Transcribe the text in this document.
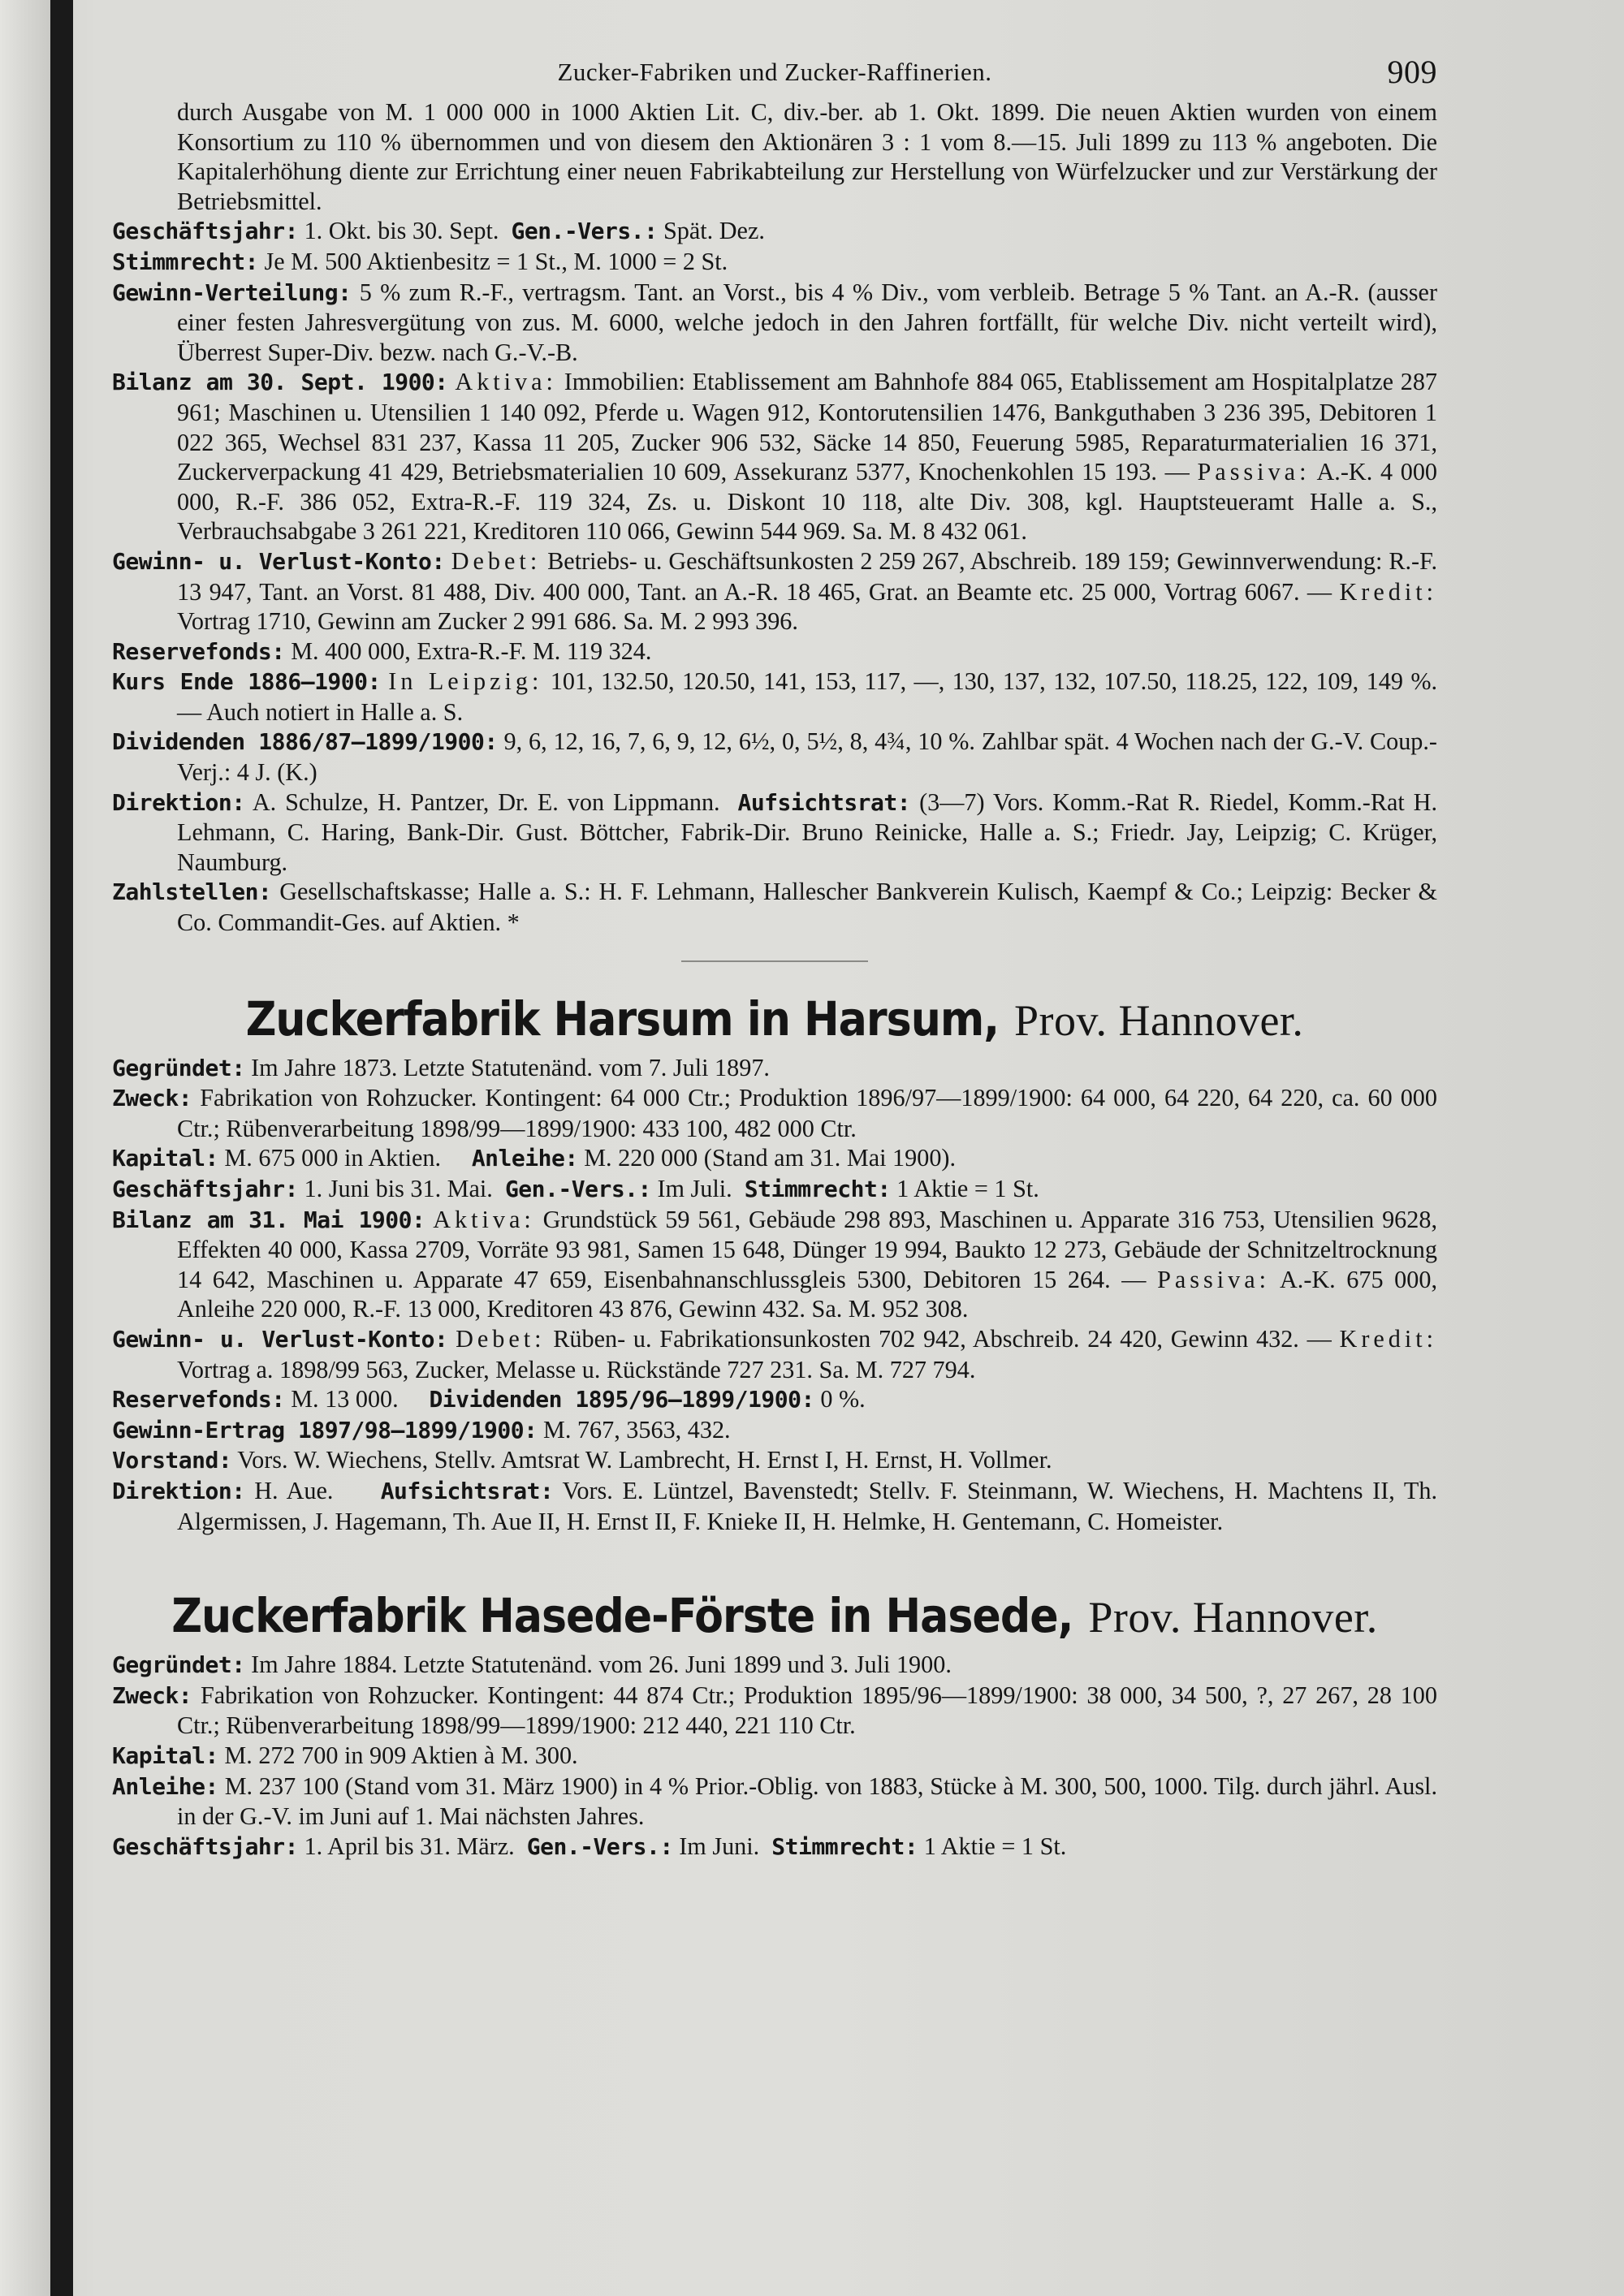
Zucker-Fabriken und Zucker-Raffinerien.	909

durch Ausgabe von M. 1 000 000 in 1000 Aktien Lit. C, div.-ber. ab 1. Okt. 1899. Die neuen Aktien wurden von einem Konsortium zu 110 % übernommen und von diesem den Aktionären 3 : 1 vom 8.—15. Juli 1899 zu 113 % angeboten. Die Kapitalerhöhung diente zur Errichtung einer neuen Fabrikabteilung zur Herstellung von Würfelzucker und zur Verstärkung der Betriebsmittel.

Geschäftsjahr: 1. Okt. bis 30. Sept. Gen.-Vers.: Spät. Dez.

Stimmrecht: Je M. 500 Aktienbesitz = 1 St., M. 1000 = 2 St.

Gewinn-Verteilung: 5 % zum R.-F., vertragsm. Tant. an Vorst., bis 4 % Div., vom verbleib. Betrage 5 % Tant. an A.-R. (ausser einer festen Jahresvergütung von zus. M. 6000, welche jedoch in den Jahren fortfällt, für welche Div. nicht verteilt wird), Überrest Super-Div. bezw. nach G.-V.-B.

Bilanz am 30. Sept. 1900: Aktiva: Immobilien: Etablissement am Bahnhofe 884 065, Etablissement am Hospitalplatze 287 961; Maschinen u. Utensilien 1 140 092, Pferde u. Wagen 912, Kontorutensilien 1476, Bankguthaben 3 236 395, Debitoren 1 022 365, Wechsel 831 237, Kassa 11 205, Zucker 906 532, Säcke 14 850, Feuerung 5985, Reparaturmaterialien 16 371, Zuckerverpackung 41 429, Betriebsmaterialien 10 609, Assekuranz 5377, Knochenkohlen 15 193. — Passiva: A.-K. 4 000 000, R.-F. 386 052, Extra-R.-F. 119 324, Zs. u. Diskont 10 118, alte Div. 308, kgl. Hauptsteueramt Halle a. S., Verbrauchsabgabe 3 261 221, Kreditoren 110 066, Gewinn 544 969. Sa. M. 8 432 061.

Gewinn- u. Verlust-Konto: Debet: Betriebs- u. Geschäftsunkosten 2 259 267, Abschreib. 189 159; Gewinnverwendung: R.-F. 13 947, Tant. an Vorst. 81 488, Div. 400 000, Tant. an A.-R. 18 465, Grat. an Beamte etc. 25 000, Vortrag 6067. — Kredit: Vortrag 1710, Gewinn am Zucker 2 991 686. Sa. M. 2 993 396.

Reservefonds: M. 400 000, Extra-R.-F. M. 119 324.

Kurs Ende 1886—1900: In Leipzig: 101, 132.50, 120.50, 141, 153, 117, —, 130, 137, 132, 107.50, 118.25, 122, 109, 149 %. — Auch notiert in Halle a. S.

Dividenden 1886/87—1899/1900: 9, 6, 12, 16, 7, 6, 9, 12, 6½, 0, 5½, 8, 4¾, 10 %. Zahlbar spät. 4 Wochen nach der G.-V. Coup.-Verj.: 4 J. (K.)

Direktion: A. Schulze, H. Pantzer, Dr. E. von Lippmann. Aufsichtsrat: (3—7) Vors. Komm.-Rat R. Riedel, Komm.-Rat H. Lehmann, C. Haring, Bank-Dir. Gust. Böttcher, Fabrik-Dir. Bruno Reinicke, Halle a. S.; Friedr. Jay, Leipzig; C. Krüger, Naumburg.

Zahlstellen: Gesellschaftskasse; Halle a. S.: H. F. Lehmann, Hallescher Bankverein Kulisch, Kaempf & Co.; Leipzig: Becker & Co. Commandit-Ges. auf Aktien. *

Zuckerfabrik Harsum in Harsum, Prov. Hannover.

Gegründet: Im Jahre 1873. Letzte Statutenänd. vom 7. Juli 1897.

Zweck: Fabrikation von Rohzucker. Kontingent: 64 000 Ctr.; Produktion 1896/97—1899/1900: 64 000, 64 220, 64 220, ca. 60 000 Ctr.; Rübenverarbeitung 1898/99—1899/1900: 433 100, 482 000 Ctr.

Kapital: M. 675 000 in Aktien. Anleihe: M. 220 000 (Stand am 31. Mai 1900).

Geschäftsjahr: 1. Juni bis 31. Mai. Gen.-Vers.: Im Juli. Stimmrecht: 1 Aktie = 1 St.

Bilanz am 31. Mai 1900: Aktiva: Grundstück 59 561, Gebäude 298 893, Maschinen u. Apparate 316 753, Utensilien 9628, Effekten 40 000, Kassa 2709, Vorräte 93 981, Samen 15 648, Dünger 19 994, Baukto 12 273, Gebäude der Schnitzeltrocknung 14 642, Maschinen u. Apparate 47 659, Eisenbahnanschlussgleis 5300, Debitoren 15 264. — Passiva: A.-K. 675 000, Anleihe 220 000, R.-F. 13 000, Kreditoren 43 876, Gewinn 432. Sa. M. 952 308.

Gewinn- u. Verlust-Konto: Debet: Rüben- u. Fabrikationsunkosten 702 942, Abschreib. 24 420, Gewinn 432. — Kredit: Vortrag a. 1898/99 563, Zucker, Melasse u. Rückstände 727 231. Sa. M. 727 794.

Reservefonds: M. 13 000. Dividenden 1895/96—1899/1900: 0 %.

Gewinn-Ertrag 1897/98—1899/1900: M. 767, 3563, 432.

Vorstand: Vors. W. Wiechens, Stellv. Amtsrat W. Lambrecht, H. Ernst I, H. Ernst, H. Vollmer.

Direktion: H. Aue. Aufsichtsrat: Vors. E. Lüntzel, Bavenstedt; Stellv. F. Steinmann, W. Wiechens, H. Machtens II, Th. Algermissen, J. Hagemann, Th. Aue II, H. Ernst II, F. Knieke II, H. Helmke, H. Gentemann, C. Homeister.

Zuckerfabrik Hasede-Förste in Hasede, Prov. Hannover.

Gegründet: Im Jahre 1884. Letzte Statutenänd. vom 26. Juni 1899 und 3. Juli 1900.

Zweck: Fabrikation von Rohzucker. Kontingent: 44 874 Ctr.; Produktion 1895/96—1899/1900: 38 000, 34 500, ?, 27 267, 28 100 Ctr.; Rübenverarbeitung 1898/99—1899/1900: 212 440, 221 110 Ctr.

Kapital: M. 272 700 in 909 Aktien à M. 300.

Anleihe: M. 237 100 (Stand vom 31. März 1900) in 4 % Prior.-Oblig. von 1883, Stücke à M. 300, 500, 1000. Tilg. durch jährl. Ausl. in der G.-V. im Juni auf 1. Mai nächsten Jahres.

Geschäftsjahr: 1. April bis 31. März. Gen.-Vers.: Im Juni. Stimmrecht: 1 Aktie = 1 St.
